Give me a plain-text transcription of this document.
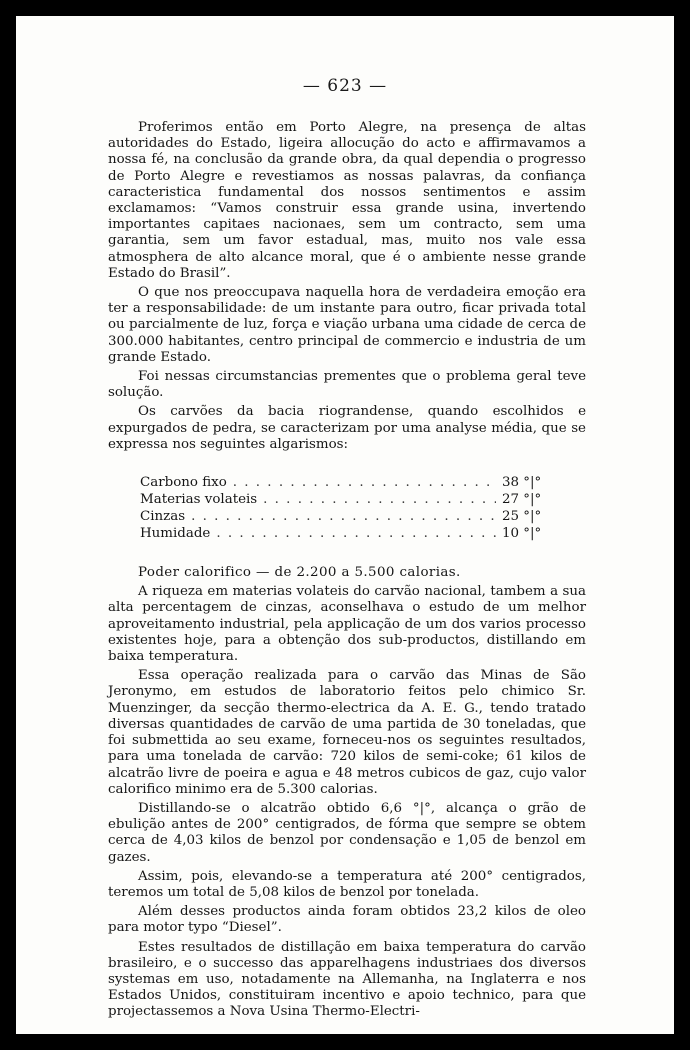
— 623 —

Proferimos então em Porto Alegre, na presença de altas autoridades do Estado, ligeira allocução do acto e affirmavamos a nossa fé, na conclusão da grande obra, da qual dependia o progresso de Porto Alegre e revestiamos as nossas palavras, da confiança caracteristica fundamental dos nossos sentimentos e assim exclamamos: “Vamos construir essa grande usina, invertendo importantes capitaes nacionaes, sem um contracto, sem uma garantia, sem um favor estadual, mas, muito nos vale essa atmosphera de alto alcance moral, que é o ambiente nesse grande Estado do Brasil”.

O que nos preoccupava naquella hora de verdadeira emoção era ter a responsabilidade: de um instante para outro, ficar privada total ou parcialmente de luz, força e viação urbana uma cidade de cerca de 300.000 habitantes, centro principal de commercio e industria de um grande Estado.

Foi nessas circumstancias prementes que o problema geral teve solução.

Os carvões da bacia riograndense, quando escolhidos e expurgados de pedra, se caracterizam por uma analyse média, que se expressa nos seguintes algarismos:

Carbono fixo . . .	38 °|°
Materias volateis . . .	27 °|°
Cinzas . . .	25 °|°
Humidade . . .	10 °|°

Poder calorifico — de 2.200 a 5.500 calorias.

A riqueza em materias volateis do carvão nacional, tambem a sua alta percentagem de cinzas, aconselhava o estudo de um melhor aproveitamento industrial, pela applicação de um dos varios processo existentes hoje, para a obtenção dos sub-productos, distillando em baixa temperatura.

Essa operação realizada para o carvão das Minas de São Jeronymo, em estudos de laboratorio feitos pelo chimico Sr. Muenzinger, da secção thermo-electrica da A. E. G., tendo tratado diversas quantidades de carvão de uma partida de 30 toneladas, que foi submettida ao seu exame, forneceu-nos os seguintes resultados, para uma tonelada de carvão: 720 kilos de semi-coke; 61 kilos de alcatrão livre de poeira e agua e 48 metros cubicos de gaz, cujo valor calorifico minimo era de 5.300 calorias.

Distillando-se o alcatrão obtido 6,6 °|°, alcança o grão de ebulição antes de 200° centigrados, de fórma que sempre se obtem cerca de 4,03 kilos de benzol por condensação e 1,05 de benzol em gazes.

Assim, pois, elevando-se a temperatura até 200° centigrados, teremos um total de 5,08 kilos de benzol por tonelada.

Além desses productos ainda foram obtidos 23,2 kilos de oleo para motor typo “Diesel”.

Estes resultados de distillação em baixa temperatura do carvão brasileiro, e o successo das apparelhagens industriaes dos diversos systemas em uso, notadamente na Allemanha, na Inglaterra e nos Estados Unidos, constituiram incentivo e apoio technico, para que projectassemos a Nova Usina Thermo-Electri-
